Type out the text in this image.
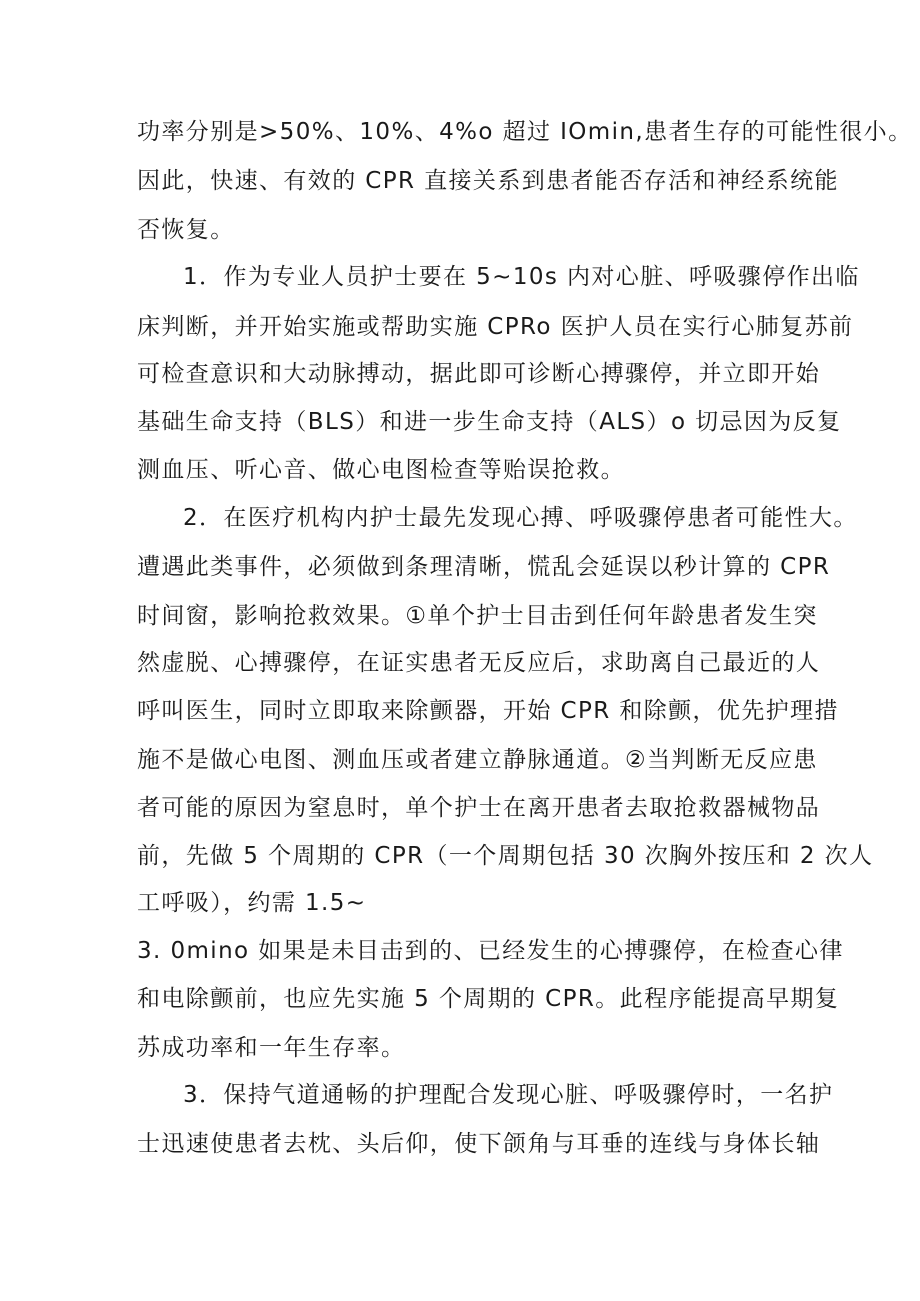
功率分别是>50%、10%、4%o 超过 IOmin,患者生存的可能性很小。
因此，快速、有效的 CPR 直接关系到患者能否存活和神经系统能
否恢复。
1．作为专业人员护士要在 5~10s 内对心脏、呼吸骤停作出临
床判断，并开始实施或帮助实施 CPRo 医护人员在实行心肺复苏前
可检查意识和大动脉搏动，据此即可诊断心搏骤停，并立即开始
基础生命支持（BLS）和进一步生命支持（ALS）o 切忌因为反复
测血压、听心音、做心电图检查等贻误抢救。
2．在医疗机构内护士最先发现心搏、呼吸骤停患者可能性大。
遭遇此类事件，必须做到条理清晰，慌乱会延误以秒计算的 CPR
时间窗，影响抢救效果。①单个护士目击到任何年龄患者发生突
然虚脱、心搏骤停，在证实患者无反应后，求助离自己最近的人
呼叫医生，同时立即取来除颤器，开始 CPR 和除颤，优先护理措
施不是做心电图、测血压或者建立静脉通道。②当判断无反应患
者可能的原因为窒息时，单个护士在离开患者去取抢救器械物品
前，先做 5 个周期的 CPR（一个周期包括 30 次胸外按压和 2 次人
工呼吸），约需 1.5~
3. 0mino 如果是未目击到的、已经发生的心搏骤停，在检查心律
和电除颤前，也应先实施 5 个周期的 CPR。此程序能提高早期复
苏成功率和一年生存率。
3．保持气道通畅的护理配合发现心脏、呼吸骤停时，一名护
士迅速使患者去枕、头后仰，使下颌角与耳垂的连线与身体长轴
